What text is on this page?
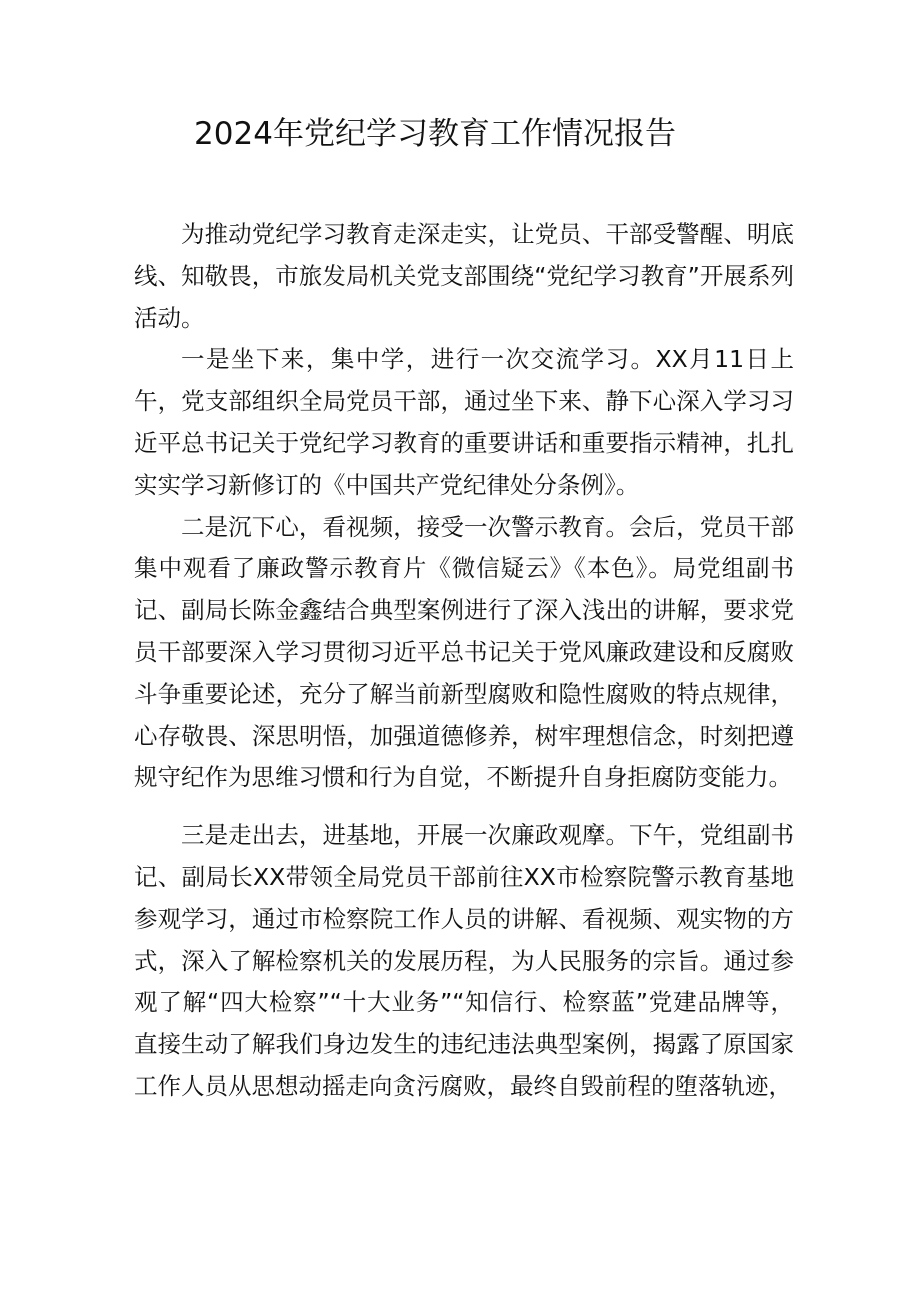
2024年党纪学习教育工作情况报告

为推动党纪学习教育走深走实，让党员、干部受警醒、明底线、知敬畏，市旅发局机关党支部围绕“党纪学习教育”开展系列活动。

一是坐下来，集中学，进行一次交流学习。XX月11日上午，党支部组织全局党员干部，通过坐下来、静下心深入学习习近平总书记关于党纪学习教育的重要讲话和重要指示精神，扎扎实实学习新修订的《中国共产党纪律处分条例》。

二是沉下心，看视频，接受一次警示教育。会后，党员干部集中观看了廉政警示教育片《微信疑云》《本色》。局党组副书记、副局长陈金鑫结合典型案例进行了深入浅出的讲解，要求党员干部要深入学习贯彻习近平总书记关于党风廉政建设和反腐败斗争重要论述，充分了解当前新型腐败和隐性腐败的特点规律，心存敬畏、深思明悟，加强道德修养，树牢理想信念，时刻把遵规守纪作为思维习惯和行为自觉，不断提升自身拒腐防变能力。

三是走出去，进基地，开展一次廉政观摩。下午，党组副书记、副局长XX带领全局党员干部前往XX市检察院警示教育基地参观学习，通过市检察院工作人员的讲解、看视频、观实物的方式，深入了解检察机关的发展历程，为人民服务的宗旨。通过参观了解“四大检察”“十大业务”“知信行、检察蓝”党建品牌等，直接生动了解我们身边发生的违纪违法典型案例，揭露了原国家工作人员从思想动摇走向贪污腐败，最终自毁前程的堕落轨迹，
